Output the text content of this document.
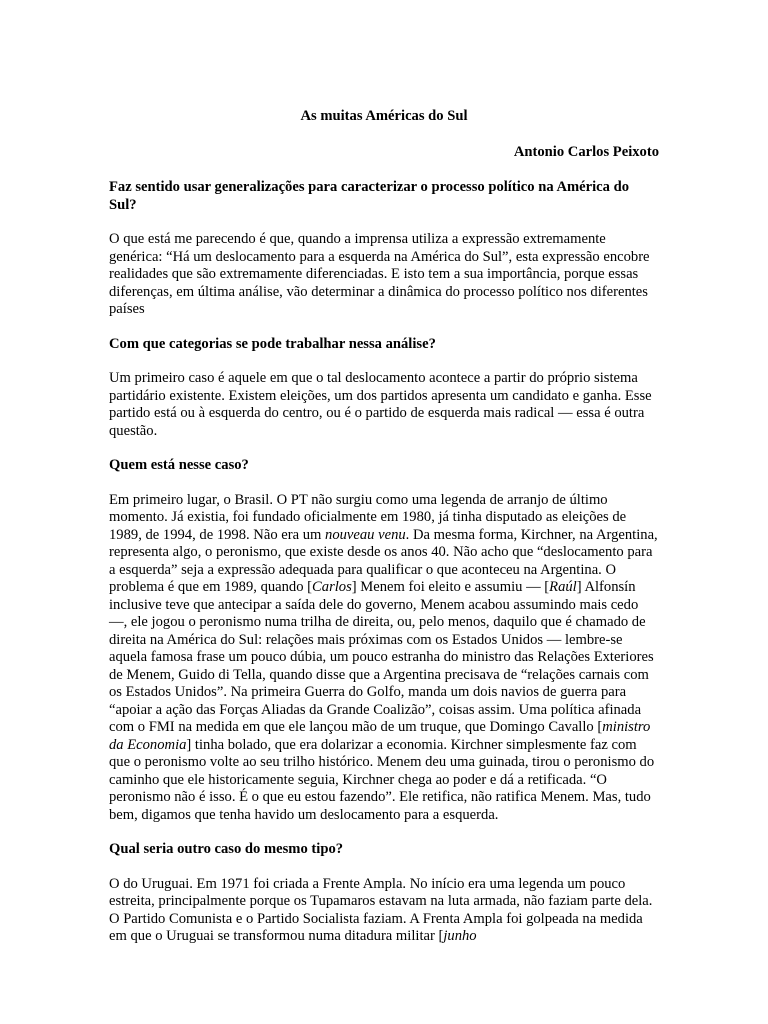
As muitas Américas do Sul
Antonio Carlos Peixoto
Faz sentido usar generalizações para caracterizar o processo político na América do Sul?
O que está me parecendo é que, quando a imprensa utiliza a expressão extremamente genérica: “Há um deslocamento para a esquerda na América do Sul”, esta expressão encobre realidades que são extremamente diferenciadas. E isto tem a sua importância, porque essas diferenças, em última análise, vão determinar a dinâmica do processo político nos diferentes países
Com que categorias se pode trabalhar nessa análise?
Um primeiro caso é aquele em que o tal deslocamento acontece a partir do próprio sistema partidário existente. Existem eleições, um dos partidos apresenta um candidato e ganha. Esse partido está ou à esquerda do centro, ou é o partido de esquerda mais radical — essa é outra questão.
Quem está nesse caso?
Em primeiro lugar, o Brasil. O PT não surgiu como uma legenda de arranjo de último momento. Já existia, foi fundado oficialmente em 1980, já tinha disputado as eleições de 1989, de 1994, de 1998. Não era um nouveau venu. Da mesma forma, Kirchner, na Argentina, representa algo, o peronismo, que existe desde os anos 40. Não acho que “deslocamento para a esquerda” seja a expressão adequada para qualificar o que aconteceu na Argentina. O problema é que em 1989, quando [Carlos] Menem foi eleito e assumiu — [Raúl] Alfonsín inclusive teve que antecipar a saída dele do governo, Menem acabou assumindo mais cedo —, ele jogou o peronismo numa trilha de direita, ou, pelo menos, daquilo que é chamado de direita na América do Sul: relações mais próximas com os Estados Unidos — lembre-se aquela famosa frase um pouco dúbia, um pouco estranha do ministro das Relações Exteriores de Menem, Guido di Tella, quando disse que a Argentina precisava de “relações carnais com os Estados Unidos”. Na primeira Guerra do Golfo, manda um dois navios de guerra para “apoiar a ação das Forças Aliadas da Grande Coalizão”, coisas assim. Uma política afinada com o FMI na medida em que ele lançou mão de um truque, que Domingo Cavallo [ministro da Economia] tinha bolado, que era dolarizar a economia. Kirchner simplesmente faz com que o peronismo volte ao seu trilho histórico. Menem deu uma guinada, tirou o peronismo do caminho que ele historicamente seguia, Kirchner chega ao poder e dá a retificada. “O peronismo não é isso. É o que eu estou fazendo”. Ele retifica, não ratifica Menem. Mas, tudo bem, digamos que tenha havido um deslocamento para a esquerda.
Qual seria outro caso do mesmo tipo?
O do Uruguai. Em 1971 foi criada a Frente Ampla. No início era uma legenda um pouco estreita, principalmente porque os Tupamaros estavam na luta armada, não faziam parte dela. O Partido Comunista e o Partido Socialista faziam. A Frenta Ampla foi golpeada na medida em que o Uruguai se transformou numa ditadura militar [junho
